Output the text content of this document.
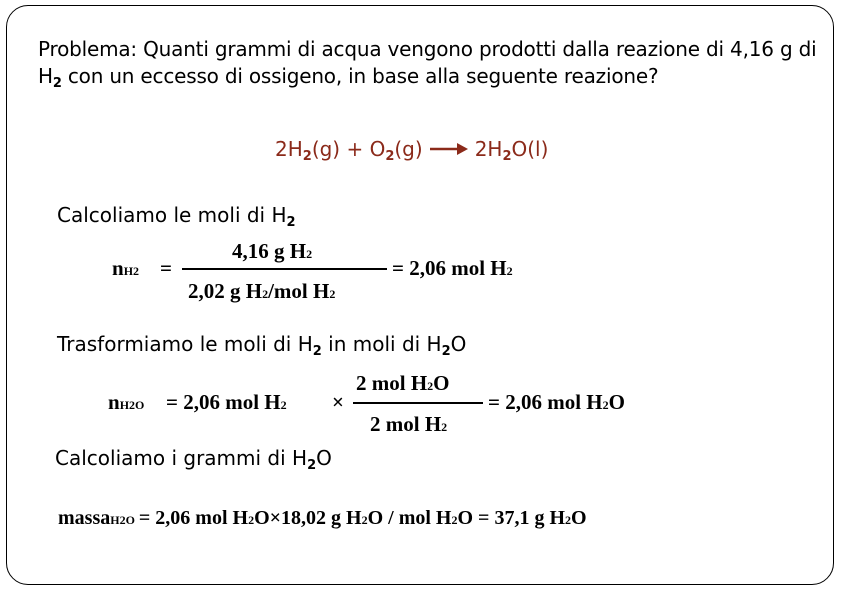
Problema: Quanti grammi di acqua vengono prodotti dalla reazione di 4,16 g di $H_2$ con un eccesso di ossigeno, in base alla seguente reazione?
$2H_2(g) + O_2(g) \to 2H_2O(l)$
Calcoliamo le moli di $H_2$
nH2 =
4,16 g H2
2,02 g H2/mol H2
= 2,06 mol H2
Trasformiamo le moli di $H_2$ in moli di $H_2O$
nH2O = 2,06 mol H2 ×
2 mol H2O
2 mol H2
= 2,06 mol H2O
Calcoliamo i grammi di $H_2O$
massaH2O = 2,06 mol H2O×18,02 g H2O / mol H2O = 37,1 g H2O
